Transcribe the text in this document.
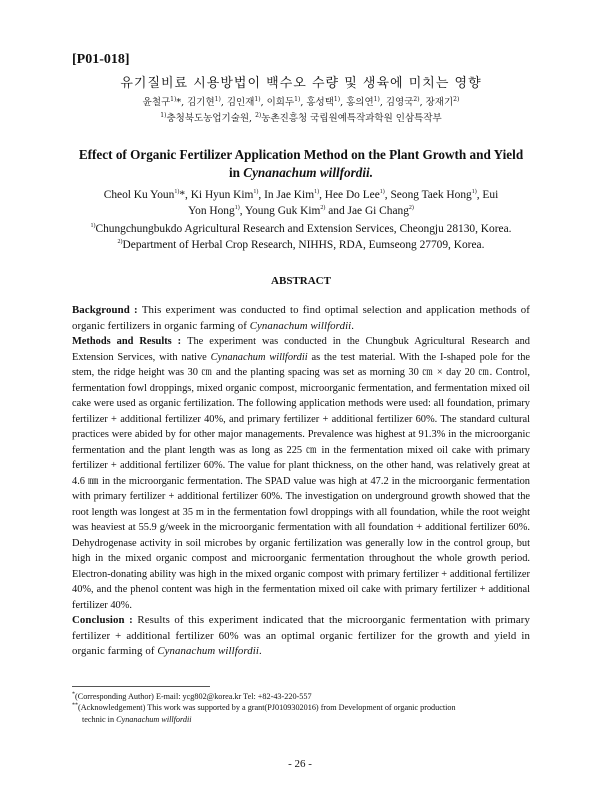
[P01-018]

유기질비료 시용방법이 백수오 수량 및 생육에 미치는 영향

윤철구$^{1)}$*, 김기현$^{1)}$, 김인재$^{1)}$, 이희두$^{1)}$, 홍성택$^{1)}$, 홍의연$^{1)}$, 김영국$^{2)}$, 장재기$^{2)}$

$^{1)}$충청북도농업기술원, $^{2)}$농촌진흥청 국립원예특작과학원 인삼특작부

Effect of Organic Fertilizer Application Method on the Plant Growth and Yield in Cynanachum willfordii.

Cheol Ku Youn$^{1)}$*, Ki Hyun Kim$^{1)}$, In Jae Kim$^{1)}$, Hee Do Lee$^{1)}$, Seong Taek Hong$^{1)}$, Eui
Yon Hong$^{1)}$, Young Guk Kim$^{2)}$ and Jae Gi Chang$^{2)}$

$^{1)}$Chungchungbukdo Agricultural Research and Extension Services, Cheongju 28130, Korea.

$^{2)}$Department of Herbal Crop Research, NIHHS, RDA, Eumseong 27709, Korea.

ABSTRACT

Background : This experiment was conducted to find optimal selection and application methods of organic fertilizers in organic farming of Cynanachum willfordii.

Methods and Results : The experiment was conducted in the Chungbuk Agricultural Research and Extension Services, with native Cynanachum willfordii as the test material. With the I-shaped pole for the stem, the ridge height was 30 ㎝ and the planting spacing was set as morning 30 ㎝ × day 20 ㎝. Control, fermentation fowl droppings, mixed organic compost, microorganic fermentation, and fermentation mixed oil cake were used as organic fertilization. The following application methods were used: all foundation, primary fertilizer + additional fertilizer 40%, and primary fertilizer + additional fertilizer 60%. The standard cultural practices were abided by for other major managements. Prevalence was highest at 91.3% in the microorganic fermentation and the plant length was as long as 225 ㎝ in the fermentation mixed oil cake with primary fertilizer + additional fertilizer 60%. The value for plant thickness, on the other hand, was relatively great at 4.6 ㎜ in the microorganic fermentation. The SPAD value was high at 47.2 in the microorganic fermentation with primary fertilizer + additional fertilizer 60%. The investigation on underground growth showed that the root length was longest at 35 m in the fermentation fowl droppings with all foundation, while the root weight was heaviest at 55.9 g/week in the microorganic fermentation with all foundation + additional fertilizer 60%. Dehydrogenase activity in soil microbes by organic fertilization was generally low in the control group, but high in the mixed organic compost and microorganic fermentation throughout the whole growth period. Electron-donating ability was high in the mixed organic compost with primary fertilizer + additional fertilizer 40%, and the phenol content was high in the fermentation mixed oil cake with primary fertilizer + additional fertilizer 40%.

Conclusion : Results of this experiment indicated that the microorganic fermentation with primary fertilizer + additional fertilizer 60% was an optimal organic fertilizer for the growth and yield in organic farming of Cynanachum willfordii.

*(Corresponding Author) E-mail: ycg802@korea.kr Tel: +82-43-220-557

**(Acknowledgement) This work was supported by a grant(PJ0109302016) from Development of organic production
technic in Cynanachum willfordii

- 26 -
